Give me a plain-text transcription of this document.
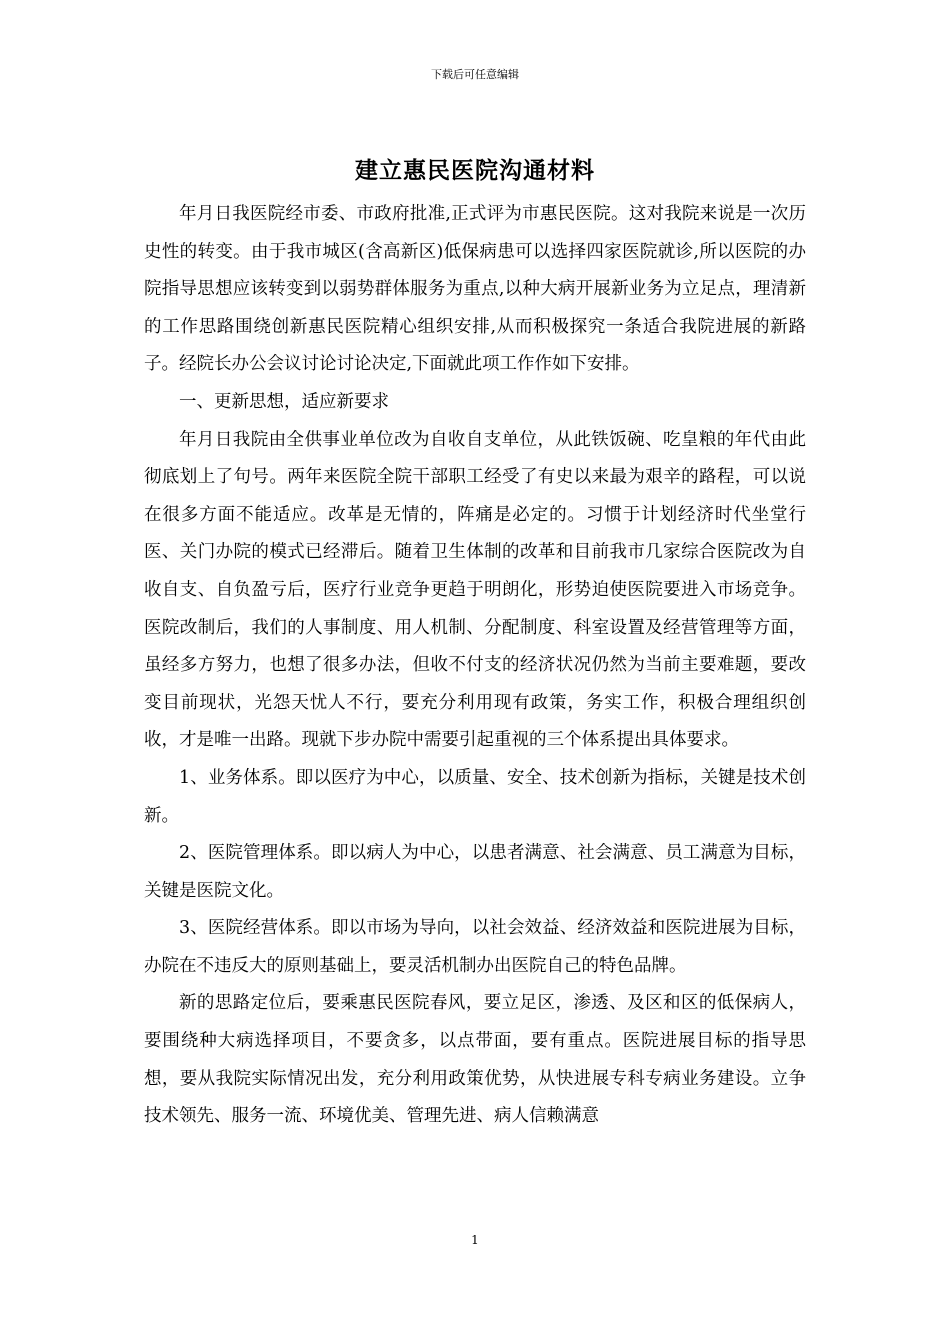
下载后可任意编辑
建立惠民医院沟通材料

年月日我医院经市委、市政府批准,正式评为市惠民医院。这对我院来说是一次历史性的转变。由于我市城区(含高新区)低保病患可以选择四家医院就诊,所以医院的办院指导思想应该转变到以弱势群体服务为重点,以种大病开展新业务为立足点，理清新的工作思路围绕创新惠民医院精心组织安排,从而积极探究一条适合我院进展的新路子。经院长办公会议讨论讨论决定,下面就此项工作作如下安排。

一、更新思想，适应新要求

年月日我院由全供事业单位改为自收自支单位，从此铁饭碗、吃皇粮的年代由此彻底划上了句号。两年来医院全院干部职工经受了有史以来最为艰辛的路程，可以说在很多方面不能适应。改革是无情的，阵痛是必定的。习惯于计划经济时代坐堂行医、关门办院的模式已经滞后。随着卫生体制的改革和目前我市几家综合医院改为自收自支、自负盈亏后，医疗行业竞争更趋于明朗化，形势迫使医院要进入市场竞争。医院改制后，我们的人事制度、用人机制、分配制度、科室设置及经营管理等方面，虽经多方努力，也想了很多办法，但收不付支的经济状况仍然为当前主要难题，要改变目前现状，光怨天忧人不行，要充分利用现有政策，务实工作，积极合理组织创收，才是唯一出路。现就下步办院中需要引起重视的三个体系提出具体要求。

1、业务体系。即以医疗为中心，以质量、安全、技术创新为指标，关键是技术创新。

2、医院管理体系。即以病人为中心，以患者满意、社会满意、员工满意为目标，关键是医院文化。

3、医院经营体系。即以市场为导向，以社会效益、经济效益和医院进展为目标，办院在不违反大的原则基础上，要灵活机制办出医院自己的特色品牌。

新的思路定位后，要乘惠民医院春风，要立足区，渗透、及区和区的低保病人，要围绕种大病选择项目，不要贪多，以点带面，要有重点。医院进展目标的指导思想，要从我院实际情况出发，充分利用政策优势，从快进展专科专病业务建设。立争技术领先、服务一流、环境优美、管理先进、病人信赖满意

1
